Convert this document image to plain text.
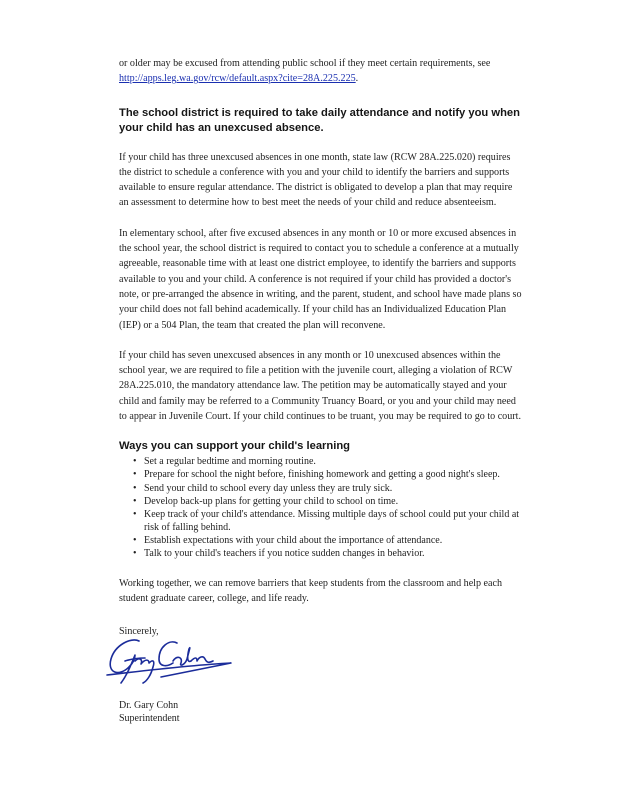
or older may be excused from attending public school if they meet certain requirements, see http://apps.leg.wa.gov/rcw/default.aspx?cite=28A.225.225.

The school district is required to take daily attendance and notify you when your child has an unexcused absence.

If your child has three unexcused absences in one month, state law (RCW 28A.225.020) requires the district to schedule a conference with you and your child to identify the barriers and supports available to ensure regular attendance. The district is obligated to develop a plan that may require an assessment to determine how to best meet the needs of your child and reduce absenteeism.

In elementary school, after five excused absences in any month or 10 or more excused absences in the school year, the school district is required to contact you to schedule a conference at a mutually agreeable, reasonable time with at least one district employee, to identify the barriers and supports available to you and your child. A conference is not required if your child has provided a doctor's note, or pre-arranged the absence in writing, and the parent, student, and school have made plans so your child does not fall behind academically. If your child has an Individualized Education Plan (IEP) or a 504 Plan, the team that created the plan will reconvene.

If your child has seven unexcused absences in any month or 10 unexcused absences within the school year, we are required to file a petition with the juvenile court, alleging a violation of RCW 28A.225.010, the mandatory attendance law. The petition may be automatically stayed and your child and family may be referred to a Community Truancy Board, or you and your child may need to appear in Juvenile Court. If your child continues to be truant, you may be required to go to court.

Ways you can support your child's learning

• Set a regular bedtime and morning routine.
• Prepare for school the night before, finishing homework and getting a good night's sleep.
• Send your child to school every day unless they are truly sick.
• Develop back-up plans for getting your child to school on time.
• Keep track of your child's attendance. Missing multiple days of school could put your child at risk of falling behind.
• Establish expectations with your child about the importance of attendance.
• Talk to your child's teachers if you notice sudden changes in behavior.

Working together, we can remove barriers that keep students from the classroom and help each student graduate career, college, and life ready.

Sincerely,

Dr. Gary Cohn

Superintendent
